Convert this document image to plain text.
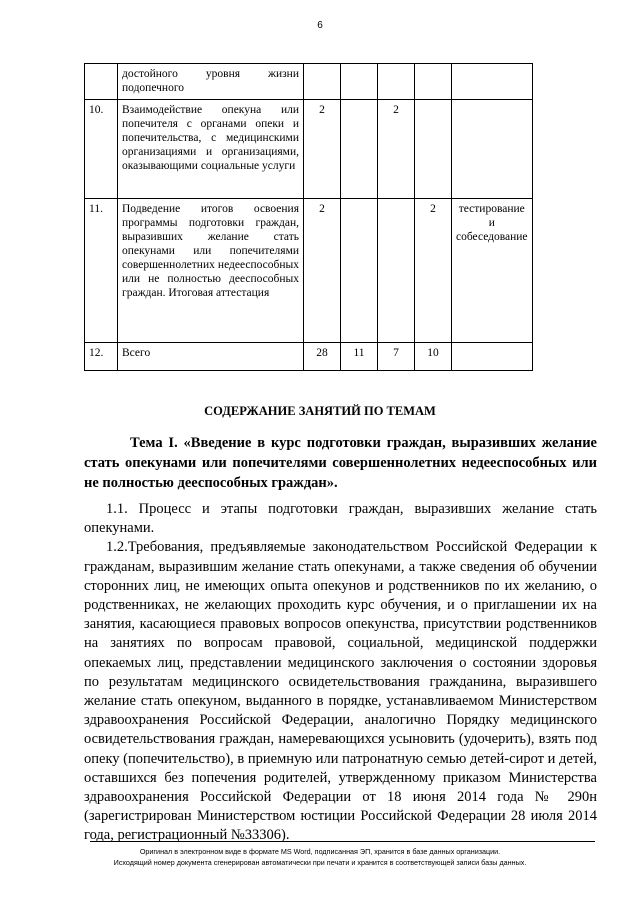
6
	достойного уровня жизни подопечного					
10.	Взаимодействие опекуна или попечителя с органами опеки и попечительства, с медицинскими организациями и организациями, оказывающими социальные услуги	2		2		
11.	Подведение итогов освоения программы подготовки граждан, выразивших желание стать опекунами или попечителями совершеннолетних недееспособных или не полностью дееспособных граждан. Итоговая аттестация	2			2	тестирование и собеседование
12.	Всего	28	11	7	10	
СОДЕРЖАНИЕ ЗАНЯТИЙ ПО ТЕМАМ
Тема I. «Введение в курс подготовки граждан, выразивших желание стать опекунами или попечителями совершеннолетних недееспособных или не полностью дееспособных граждан».

1.1. Процесс и этапы подготовки граждан, выразивших желание стать опекунами.

1.2.Требования, предъявляемые законодательством Российской Федерации к гражданам, выразившим желание стать опекунами, а также сведения об обучении сторонних лиц, не имеющих опыта опекунов и родственников по их желанию, о родственниках, не желающих проходить курс обучения, и о приглашении их на занятия, касающиеся правовых вопросов опекунства, присутствии родственников на занятиях по вопросам правовой, социальной, медицинской поддержки опекаемых лиц, представлении медицинского заключения о состоянии здоровья по результатам медицинского освидетельствования гражданина, выразившего желание стать опекуном, выданного в порядке, устанавливаемом Министерством здравоохранения Российской Федерации, аналогично Порядку медицинского освидетельствования граждан, намеревающихся усыновить (удочерить), взять под опеку (попечительство), в приемную или патронатную семью детей-сирот и детей, оставшихся без попечения родителей, утвержденному приказом Министерства здравоохранения Российской Федерации от 18 июня 2014 года № 290н (зарегистрирован Министерством юстиции Российской Федерации 28 июля 2014 года, регистрационный №33306).

Оригинал в электронном виде в формате MS Word, подписанная ЭП, хранится в базе данных организации.
Исходящий номер документа сгенерирован автоматически при печати и хранится в соответствующей записи базы данных.
